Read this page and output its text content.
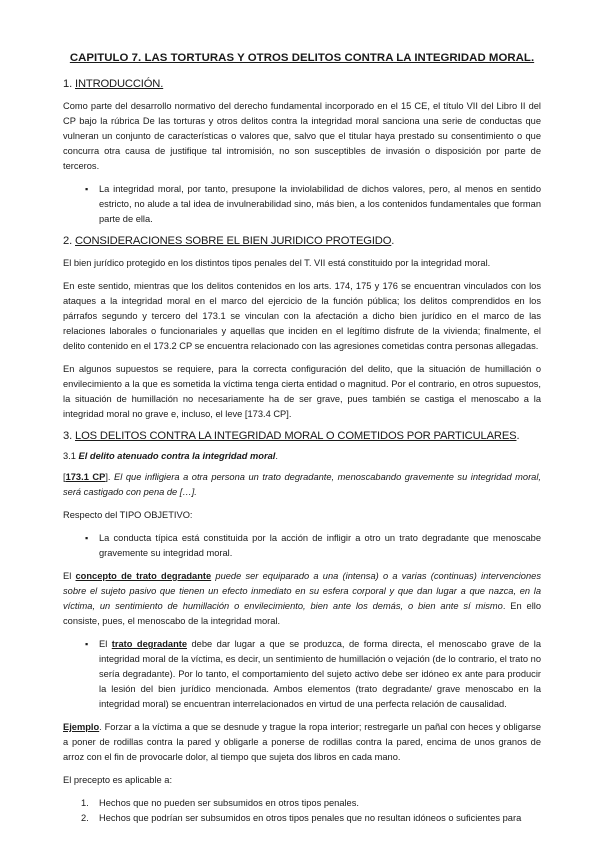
CAPITULO 7. LAS TORTURAS Y OTROS DELITOS CONTRA LA INTEGRIDAD MORAL.
1. INTRODUCCIÓN.

Como parte del desarrollo normativo del derecho fundamental incorporado en el 15 CE, el título VII del Libro II del CP bajo la rúbrica De las torturas y otros delitos contra la integridad moral sanciona una serie de conductas que vulneran un conjunto de características o valores que, salvo que el titular haya prestado su consentimiento o que concurra otra causa de justifique tal intromisión, no son susceptibles de invasión o disposición por parte de terceros.

▪ La integridad moral, por tanto, presupone la inviolabilidad de dichos valores, pero, al menos en sentido estricto, no alude a tal idea de invulnerabilidad sino, más bien, a los contenidos fundamentales que forman parte de ella.
2. CONSIDERACIONES SOBRE EL BIEN JURIDICO PROTEGIDO.

El bien jurídico protegido en los distintos tipos penales del T. VII está constituido por la integridad moral.

En este sentido, mientras que los delitos contenidos en los arts. 174, 175 y 176 se encuentran vinculados con los ataques a la integridad moral en el marco del ejercicio de la función pública; los delitos comprendidos en los párrafos segundo y tercero del 173.1 se vinculan con la afectación a dicho bien jurídico en el marco de las relaciones laborales o funcionariales y aquellas que inciden en el legítimo disfrute de la vivienda; finalmente, el delito contenido en el 173.2 CP se encuentra relacionado con las agresiones cometidas contra personas allegadas.

En algunos supuestos se requiere, para la correcta configuración del delito, que la situación de humillación o envilecimiento a la que es sometida la víctima tenga cierta entidad o magnitud. Por el contrario, en otros supuestos, la situación de humillación no necesariamente ha de ser grave, pues también se castiga el menoscabo a la integridad moral no grave e, incluso, el leve [173.4 CP].

3. LOS DELITOS CONTRA LA INTEGRIDAD MORAL O COMETIDOS POR PARTICULARES.
3.1 El delito atenuado contra la integridad moral.

[173.1 CP]. El que infligiera a otra persona un trato degradante, menoscabando gravemente su integridad moral, será castigado con pena de […].

Respecto del TIPO OBJETIVO:

▪ La conducta típica está constituida por la acción de infligir a otro un trato degradante que menoscabe gravemente su integridad moral.

El concepto de trato degradante puede ser equiparado a una (intensa) o a varias (continuas) intervenciones sobre el sujeto pasivo que tienen un efecto inmediato en su esfera corporal y que dan lugar a que nazca, en la víctima, un sentimiento de humillación o envilecimiento, bien ante los demás, o bien ante sí mismo. En ello consiste, pues, el menoscabo de la integridad moral.

▪ El trato degradante debe dar lugar a que se produzca, de forma directa, el menoscabo grave de la integridad moral de la víctima, es decir, un sentimiento de humillación o vejación (de lo contrario, el trato no sería degradante). Por lo tanto, el comportamiento del sujeto activo debe ser idóneo ex ante para producir la lesión del bien jurídico mencionada. Ambos elementos (trato degradante/ grave menoscabo en la integridad moral) se encuentran interrelacionados en virtud de una perfecta relación de causalidad.

Ejemplo. Forzar a la víctima a que se desnude y trague la ropa interior; restregarle un pañal con heces y obligarse a poner de rodillas contra la pared y obligarle a ponerse de rodillas contra la pared, encima de unos granos de arroz con el fin de provocarle dolor, al tiempo que sujeta dos libros en cada mano.

El precepto es aplicable a:

1. Hechos que no pueden ser subsumidos en otros tipos penales.
2. Hechos que podrían ser subsumidos en otros tipos penales que no resultan idóneos o suficientes para
